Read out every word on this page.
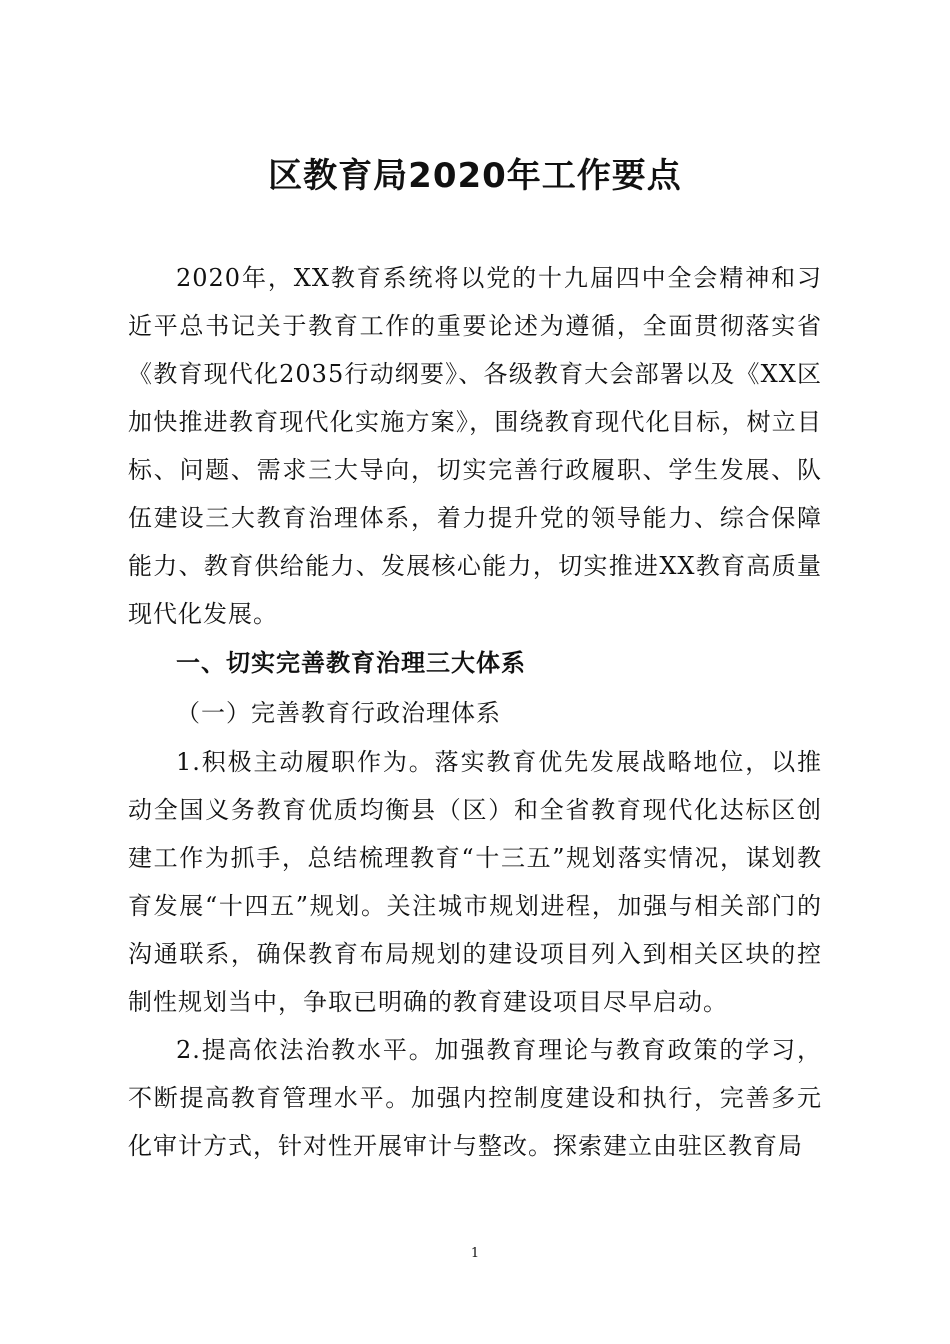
区教育局2020年工作要点

2020年，XX教育系统将以党的十九届四中全会精神和习近平总书记关于教育工作的重要论述为遵循，全面贯彻落实省《教育现代化2035行动纲要》、各级教育大会部署以及《XX区加快推进教育现代化实施方案》，围绕教育现代化目标，树立目标、问题、需求三大导向，切实完善行政履职、学生发展、队伍建设三大教育治理体系，着力提升党的领导能力、综合保障能力、教育供给能力、发展核心能力，切实推进XX教育高质量现代化发展。

一、切实完善教育治理三大体系
（一）完善教育行政治理体系

1.积极主动履职作为。落实教育优先发展战略地位，以推动全国义务教育优质均衡县（区）和全省教育现代化达标区创建工作为抓手，总结梳理教育“十三五”规划落实情况，谋划教育发展“十四五”规划。关注城市规划进程，加强与相关部门的沟通联系，确保教育布局规划的建设项目列入到相关区块的控制性规划当中，争取已明确的教育建设项目尽早启动。

2.提高依法治教水平。加强教育理论与教育政策的学习，不断提高教育管理水平。加强内控制度建设和执行，完善多元化审计方式，针对性开展审计与整改。探索建立由驻区教育局

1
